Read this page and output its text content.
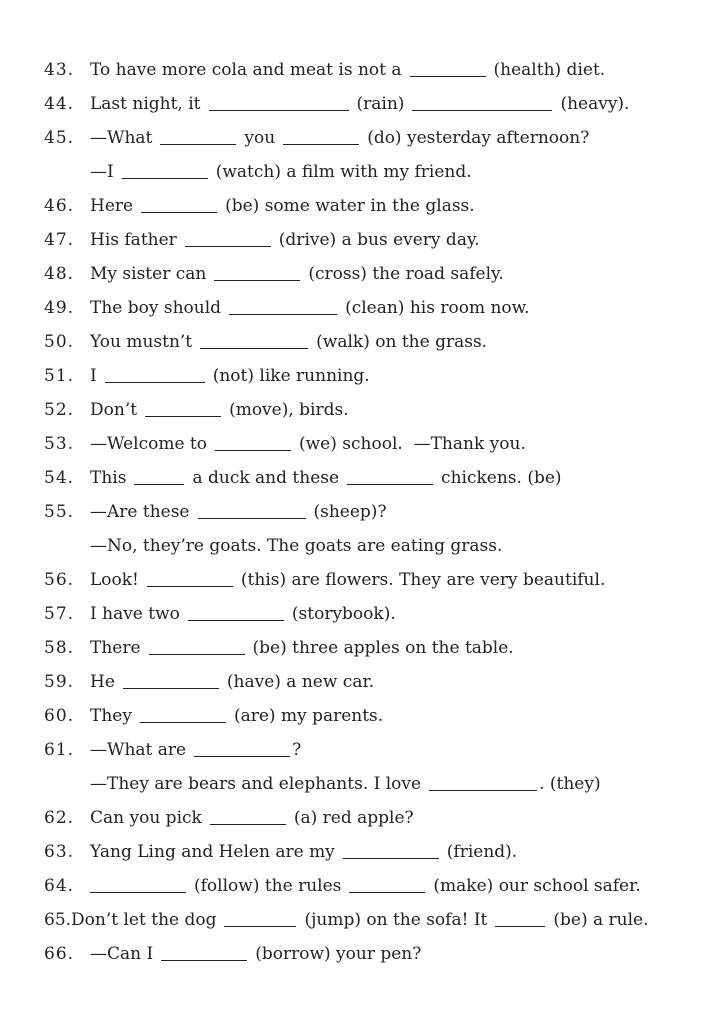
43. To have more cola and meat is not a	(health) diet.
44. Last night, it	(rain)	(heavy).
45. —What	you	(do) yesterday afternoon?
—I	(watch) a film with my friend.
46. Here	(be) some water in the glass.
47. His father	(drive) a bus every day.
48. My sister can	(cross) the road safely.
49. The boy should	(clean) his room now.
50. You mustn’t	(walk) on the grass.
51. I	(not) like running.
52. Don’t	(move), birds.
53. —Welcome to	(we) school.  —Thank you.
54. This	a duck and these	chickens. (be)
55. —Are these	(sheep)?
—No, they’re goats. The goats are eating grass.
56. Look!	(this) are flowers. They are very beautiful.
57. I have two	(storybook).
58. There	(be) three apples on the table.
59. He	(have) a new car.
60. They	(are) my parents.
61. —What are	?
—They are bears and elephants. I love	. (they)
62. Can you pick	(a) red apple?
63. Yang Ling and Helen are my	(friend).
64.	(follow) the rules	(make) our school safer.
65.Don’t let the dog	(jump) on the sofa! It	(be) a rule.
66. —Can I	(borrow) your pen?
